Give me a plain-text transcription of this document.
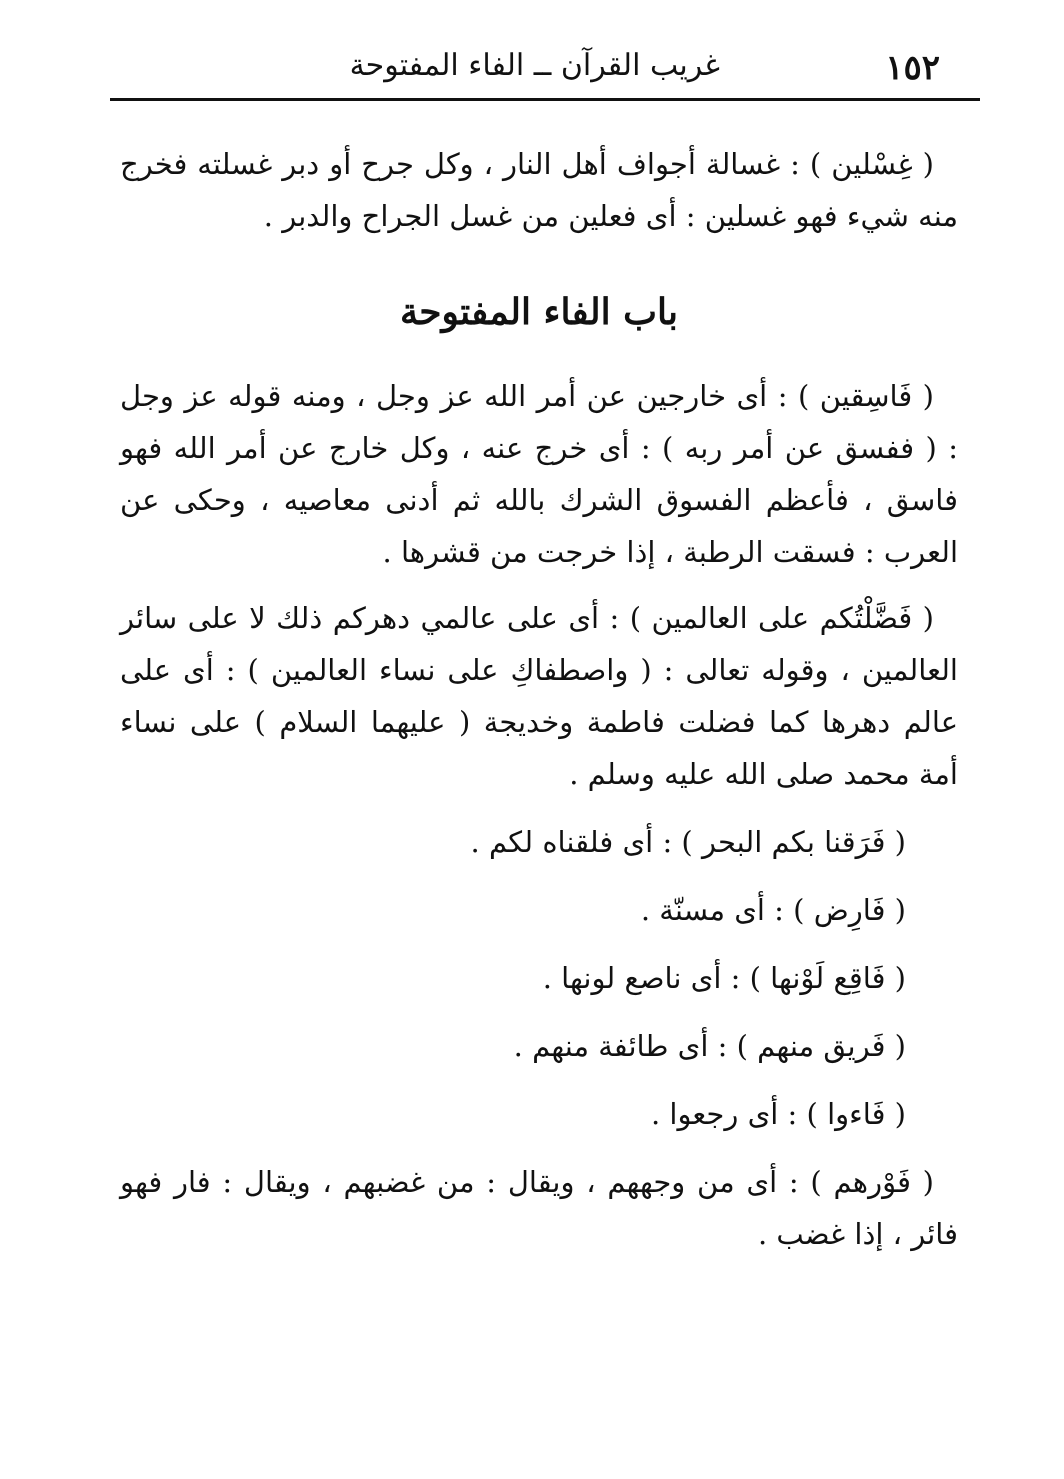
١٥٢
غريب القرآن ــ الفاء المفتوحة

( غِسْلين ) : غسالة أجواف أهل النار ، وكل جرح أو دبر غسلته فخرج منه شيء فهو غسلين : أى فعلين من غسل الجراح والدبر .

باب الفاء المفتوحة

( فَاسِقين ) : أى خارجين عن أمر الله عز وجل ، ومنه قوله عز وجل : ( ففسق عن أمر ربه ) : أى خرج عنه ، وكل خارج عن أمر الله فهو فاسق ، فأعظم الفسوق الشرك بالله ثم أدنى معاصيه ، وحكى عن العرب : فسقت الرطبة ، إذا خرجت من قشرها .

( فَضَّلْتُكم على العالمين ) : أى على عالمي دهركم ذلك لا على سائر العالمين ، وقوله تعالى : ( واصطفاكِ على نساء العالمين ) : أى على عالم دهرها كما فضلت فاطمة وخديجة ( عليهما السلام ) على نساء أمة محمد صلى الله عليه وسلم .

( فَرَقنا بكم البحر ) : أى فلقناه لكم .

( فَارِض ) : أى مسنّة .

( فَاقِع لَوْنها ) : أى ناصع لونها .

( فَريق منهم ) : أى طائفة منهم .

( فَاءوا ) : أى رجعوا .

( فَوْرهم ) : أى من وجههم ، ويقال : من غضبهم ، ويقال : فار فهو فائر ، إذا غضب .
